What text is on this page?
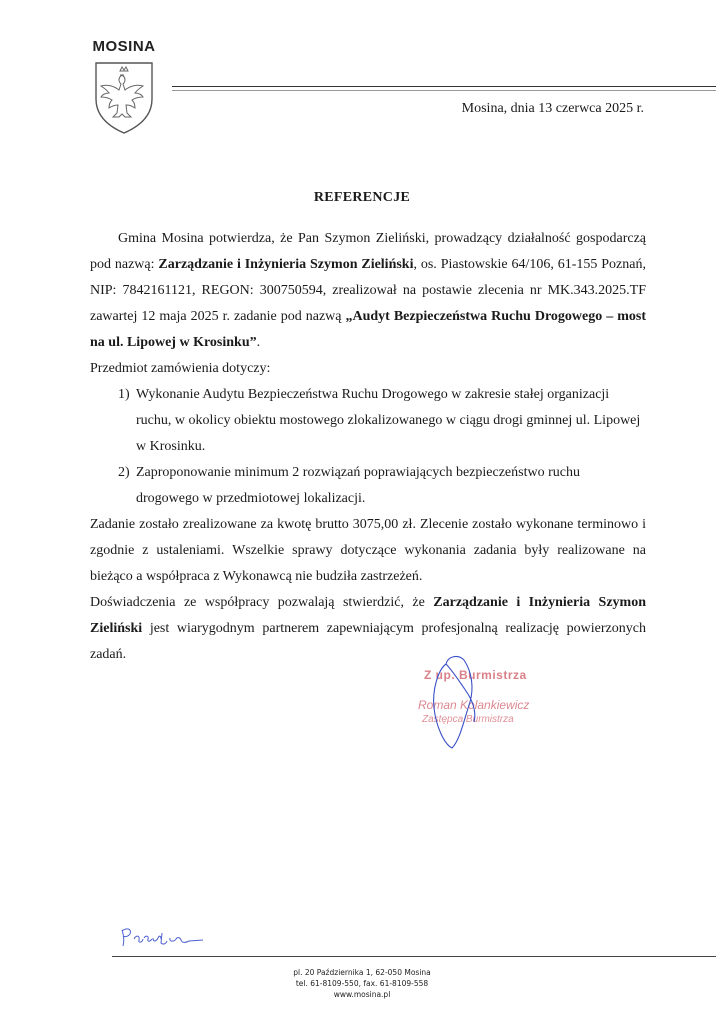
MOSINA
Mosina, dnia 13 czerwca 2025 r.
REFERENCJE

Gmina Mosina potwierdza, że Pan Szymon Zieliński, prowadzący działalność gospodarczą pod nazwą: Zarządzanie i Inżynieria Szymon Zieliński, os. Piastowskie 64/106, 61-155 Poznań, NIP: 7842161121, REGON: 300750594, zrealizował na postawie zlecenia nr MK.343.2025.TF zawartej 12 maja 2025 r. zadanie pod nazwą „Audyt Bezpieczeństwa Ruchu Drogowego – most na ul. Lipowej w Krosinku”.

Przedmiot zamówienia dotyczy:

1) Wykonanie Audytu Bezpieczeństwa Ruchu Drogowego w zakresie stałej organizacji ruchu, w okolicy obiektu mostowego zlokalizowanego w ciągu drogi gminnej ul. Lipowej w Krosinku.
2) Zaproponowanie minimum 2 rozwiązań poprawiających bezpieczeństwo ruchu drogowego w przedmiotowej lokalizacji.

Zadanie zostało zrealizowane za kwotę brutto 3075,00 zł. Zlecenie zostało wykonane terminowo i zgodnie z ustaleniami. Wszelkie sprawy dotyczące wykonania zadania były realizowane na bieżąco a współpraca z Wykonawcą nie budziła zastrzeżeń.

Doświadczenia ze współpracy pozwalają stwierdzić, że Zarządzanie i Inżynieria Szymon Zieliński jest wiarygodnym partnerem zapewniającym profesjonalną realizację powierzonych zadań.

Z up. Burmistrza
Roman Kolankiewicz
Zastępca Burmistrza
pl. 20 Października 1, 62-050 Mosina
tel. 61-8109-550, fax. 61-8109-558
www.mosina.pl
